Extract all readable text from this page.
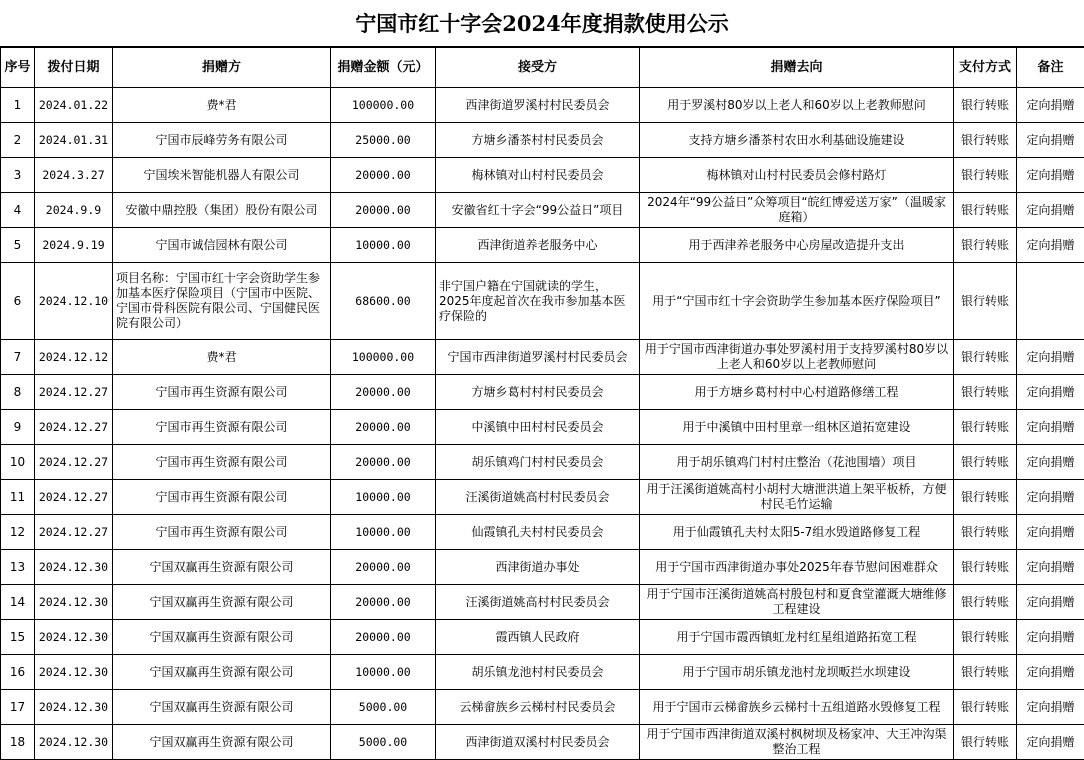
宁国市红十字会2024年度捐款使用公示
序号	拨付日期	捐赠方	捐赠金额（元）	接受方	捐赠去向	支付方式	备注
1	2024.01.22	费*君	100000.00	西津街道罗溪村村民委员会	用于罗溪村80岁以上老人和60岁以上老教师慰问	银行转账	定向捐赠
2	2024.01.31	宁国市辰峰劳务有限公司	25000.00	方塘乡潘茶村村民委员会	支持方塘乡潘茶村农田水利基础设施建设	银行转账	定向捐赠
3	2024.3.27	宁国埃米智能机器人有限公司	20000.00	梅林镇对山村村民委员会	梅林镇对山村村民委员会修村路灯	银行转账	定向捐赠
4	2024.9.9	安徽中鼎控股（集团）股份有限公司	20000.00	安徽省红十字会“99公益日”项目	2024年“99公益日”众筹项目“皖红博爱送万家”（温暖家庭箱）	银行转账	定向捐赠
5	2024.9.19	宁国市诚信园林有限公司	10000.00	西津街道养老服务中心	用于西津养老服务中心房屋改造提升支出	银行转账	定向捐赠
6	2024.12.10	项目名称：宁国市红十字会资助学生参加基本医疗保险项目（宁国市中医院、宁国市骨科医院有限公司、宁国健民医院有限公司）	68600.00	非宁国户籍在宁国就读的学生，2025年度起首次在我市参加基本医疗保险的	用于“宁国市红十字会资助学生参加基本医疗保险项目”	银行转账	
7	2024.12.12	费*君	100000.00	宁国市西津街道罗溪村村民委员会	用于宁国市西津街道办事处罗溪村用于支持罗溪村80岁以上老人和60岁以上老教师慰问	银行转账	定向捐赠
8	2024.12.27	宁国市再生资源有限公司	20000.00	方塘乡葛村村村民委员会	用于方塘乡葛村村中心村道路修缮工程	银行转账	定向捐赠
9	2024.12.27	宁国市再生资源有限公司	20000.00	中溪镇中田村村民委员会	用于中溪镇中田村里章一组林区道拓宽建设	银行转账	定向捐赠
10	2024.12.27	宁国市再生资源有限公司	20000.00	胡乐镇鸡门村村民委员会	用于胡乐镇鸡门村村庄整治（花池围墙）项目	银行转账	定向捐赠
11	2024.12.27	宁国市再生资源有限公司	10000.00	汪溪街道姚高村村民委员会	用于汪溪街道姚高村小胡村大塘泄洪道上架平板桥，方便村民毛竹运输	银行转账	定向捐赠
12	2024.12.27	宁国市再生资源有限公司	10000.00	仙霞镇孔夫村村民委员会	用于仙霞镇孔夫村太阳5-7组水毁道路修复工程	银行转账	定向捐赠
13	2024.12.30	宁国双赢再生资源有限公司	20000.00	西津街道办事处	用于宁国市西津街道办事处2025年春节慰问困难群众	银行转账	定向捐赠
14	2024.12.30	宁国双赢再生资源有限公司	20000.00	汪溪街道姚高村村民委员会	用于宁国市汪溪街道姚高村殷包村和夏食堂灌溉大塘维修工程建设	银行转账	定向捐赠
15	2024.12.30	宁国双赢再生资源有限公司	20000.00	霞西镇人民政府	用于宁国市霞西镇虹龙村红星组道路拓宽工程	银行转账	定向捐赠
16	2024.12.30	宁国双赢再生资源有限公司	10000.00	胡乐镇龙池村村民委员会	用于宁国市胡乐镇龙池村龙坝畈拦水坝建设	银行转账	定向捐赠
17	2024.12.30	宁国双赢再生资源有限公司	5000.00	云梯畲族乡云梯村村民委员会	用于宁国市云梯畲族乡云梯村十五组道路水毁修复工程	银行转账	定向捐赠
18	2024.12.30	宁国双赢再生资源有限公司	5000.00	西津街道双溪村村民委员会	用于宁国市西津街道双溪村枫树坝及杨家冲、大王冲沟渠整治工程	银行转账	定向捐赠
